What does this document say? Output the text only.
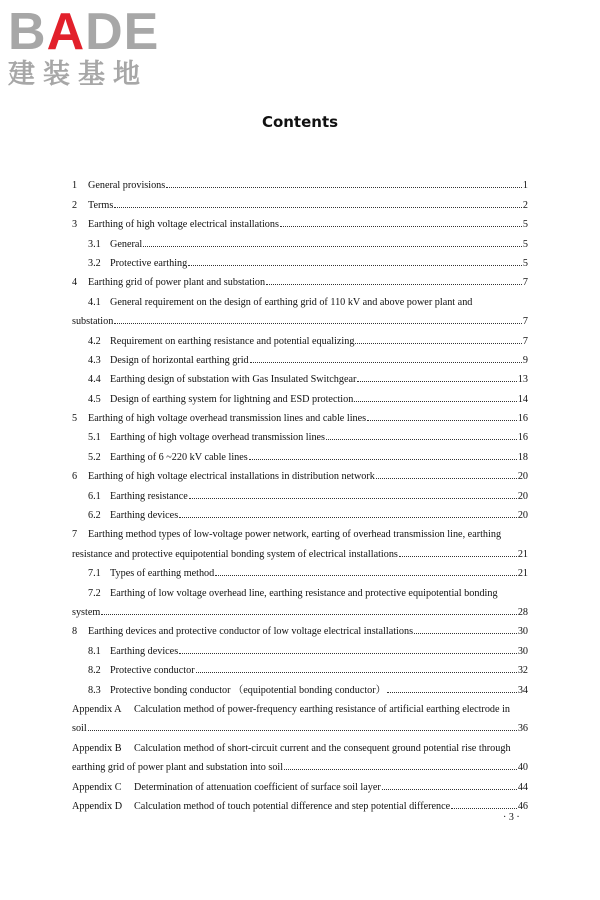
BADE
建装基地
Contents
1	General provisions	1
2	Terms	2
3	Earthing of high voltage electrical installations	5
3.1 General	5
3.2 Protective earthing	5
4	Earthing grid of power plant and substation	7
4.1 General requirement on the design of earthing grid of 110 kV and above power plant and
substation	7
4.2 Requirement on earthing resistance and potential equalizing	7
4.3 Design of horizontal earthing grid	9
4.4 Earthing design of substation with Gas Insulated Switchgear	13
4.5 Design of earthing system for lightning and ESD protection	14
5	Earthing of high voltage overhead transmission lines and cable lines	16
5.1 Earthing of high voltage overhead transmission lines	16
5.2 Earthing of 6 ~220 kV cable lines	18
6	Earthing of high voltage electrical installations in distribution network	20
6.1 Earthing resistance	20
6.2 Earthing devices	20
7	Earthing method types of low-voltage power network, earting of overhead transmission line, earthing
resistance and protective equipotential bonding system of electrical installations	21
7.1 Types of earthing method	21
7.2 Earthing of low voltage overhead line, earthing resistance and protective equipotential bonding
system	28
8	Earthing devices and protective conductor of low voltage electrical installations	30
8.1 Earthing devices	30
8.2 Protective conductor	32
8.3 Protective bonding conductor （equipotential bonding conductor）	34
Appendix A	Calculation method of power-frequency earthing resistance of artificial earthing electrode in
soil	36
Appendix B	Calculation method of short-circuit current and the consequent ground potential rise through
earthing grid of power plant and substation into soil	40
Appendix C	Determination of attenuation coefficient of surface soil layer	44
Appendix D	Calculation method of touch potential difference and step potential difference	46
· 3 ·
